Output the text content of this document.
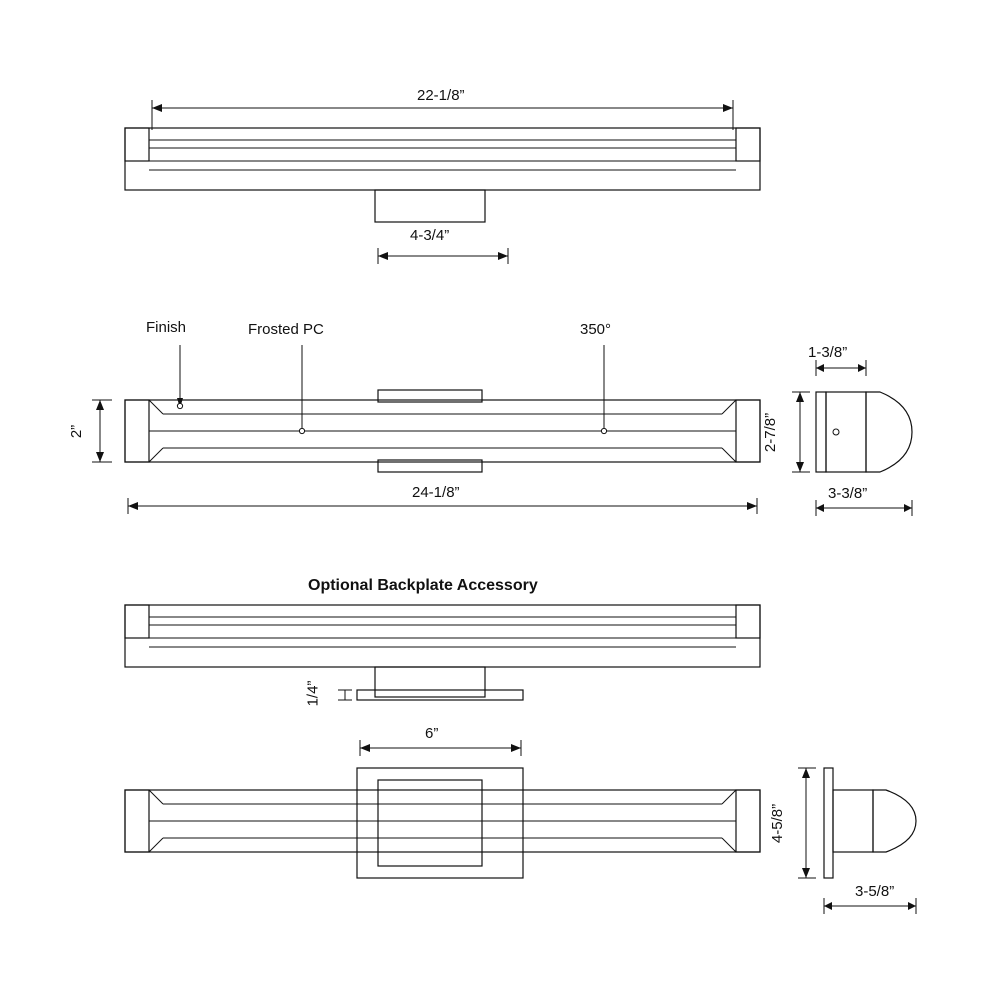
22-1/8”
4-3/4”
Finish	Frosted PC	350°
2”
24-1/8”
1-3/8”
2-7/8”
3-3/8”
Optional Backplate Accessory
1/4”
6”
4-5/8”
3-5/8”
